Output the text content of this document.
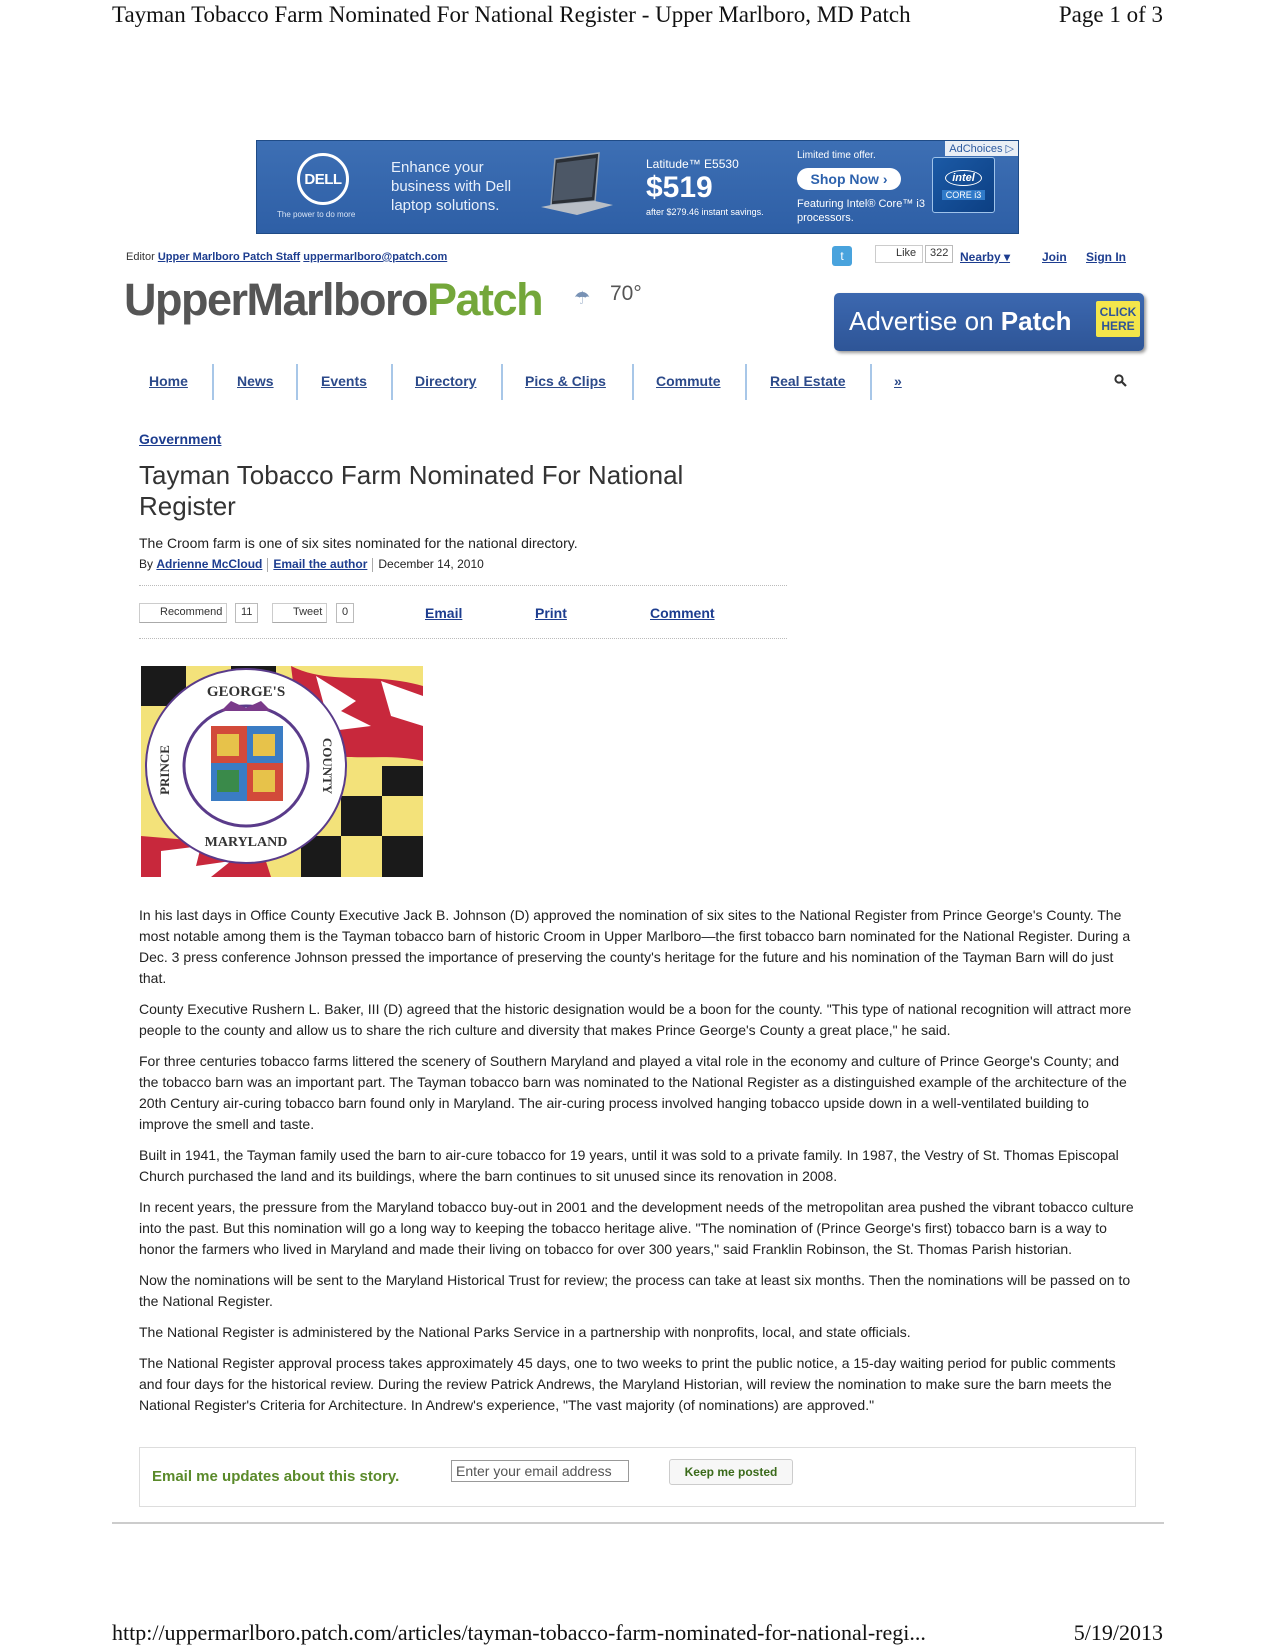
Tayman Tobacco Farm Nominated For National Register - Upper Marlboro, MD Patch	Page 1 of 3
DELL
The power to do more
Enhance your business with Dell laptop solutions.
Latitude™ E5530
$519
after $279.46 instant savings.
Limited time offer.
Shop Now ›
Featuring Intel® Core™ i3 processors.
intel
CORE i3
AdChoices ▷
Editor Upper Marlboro Patch Staff uppermarlboro@patch.com	t	Like	322 Nearby ▾	Join Sign In
UpperMarlboroPatch ☂ 70°
Advertise on Patch	CLICK HERE
Home	News	Events	Directory	Pics & Clips	Commute	Real Estate	»
Government
Tayman Tobacco Farm Nominated For National Register
The Croom farm is one of six sites nominated for the national directory.
By Adrienne McCloud Email the author December 14, 2010
Recommend	11	Tweet	0	Email	Print	Comment
GEORGE'S
PRINCE	COUNTY
MARYLAND

In his last days in Office County Executive Jack B. Johnson (D) approved the nomination of six sites to the National Register from Prince George's County. The most notable among them is the Tayman tobacco barn of historic Croom in Upper Marlboro—the first tobacco barn nominated for the National Register. During a Dec. 3 press conference Johnson pressed the importance of preserving the county's heritage for the future and his nomination of the Tayman Barn will do just that.

County Executive Rushern L. Baker, III (D) agreed that the historic designation would be a boon for the county. "This type of national recognition will attract more people to the county and allow us to share the rich culture and diversity that makes Prince George's County a great place," he said.

For three centuries tobacco farms littered the scenery of Southern Maryland and played a vital role in the economy and culture of Prince George's County; and the tobacco barn was an important part. The Tayman tobacco barn was nominated to the National Register as a distinguished example of the architecture of the 20th Century air-curing tobacco barn found only in Maryland. The air-curing process involved hanging tobacco upside down in a well-ventilated building to improve the smell and taste.

Built in 1941, the Tayman family used the barn to air-cure tobacco for 19 years, until it was sold to a private family. In 1987, the Vestry of St. Thomas Episcopal Church purchased the land and its buildings, where the barn continues to sit unused since its renovation in 2008.

In recent years, the pressure from the Maryland tobacco buy-out in 2001 and the development needs of the metropolitan area pushed the vibrant tobacco culture into the past. But this nomination will go a long way to keeping the tobacco heritage alive. "The nomination of (Prince George's first) tobacco barn is a way to honor the farmers who lived in Maryland and made their living on tobacco for over 300 years," said Franklin Robinson, the St. Thomas Parish historian.

Now the nominations will be sent to the Maryland Historical Trust for review; the process can take at least six months. Then the nominations will be passed on to the National Register.

The National Register is administered by the National Parks Service in a partnership with nonprofits, local, and state officials.

The National Register approval process takes approximately 45 days, one to two weeks to print the public notice, a 15-day waiting period for public comments and four days for the historical review. During the review Patrick Andrews, the Maryland Historian, will review the nomination to make sure the barn meets the National Register's Criteria for Architecture. In Andrew's experience, "The vast majority (of nominations) are approved."

Email me updates about this story.
Enter your email address	Keep me posted
http://uppermarlboro.patch.com/articles/tayman-tobacco-farm-nominated-for-national-regi...	5/19/2013
